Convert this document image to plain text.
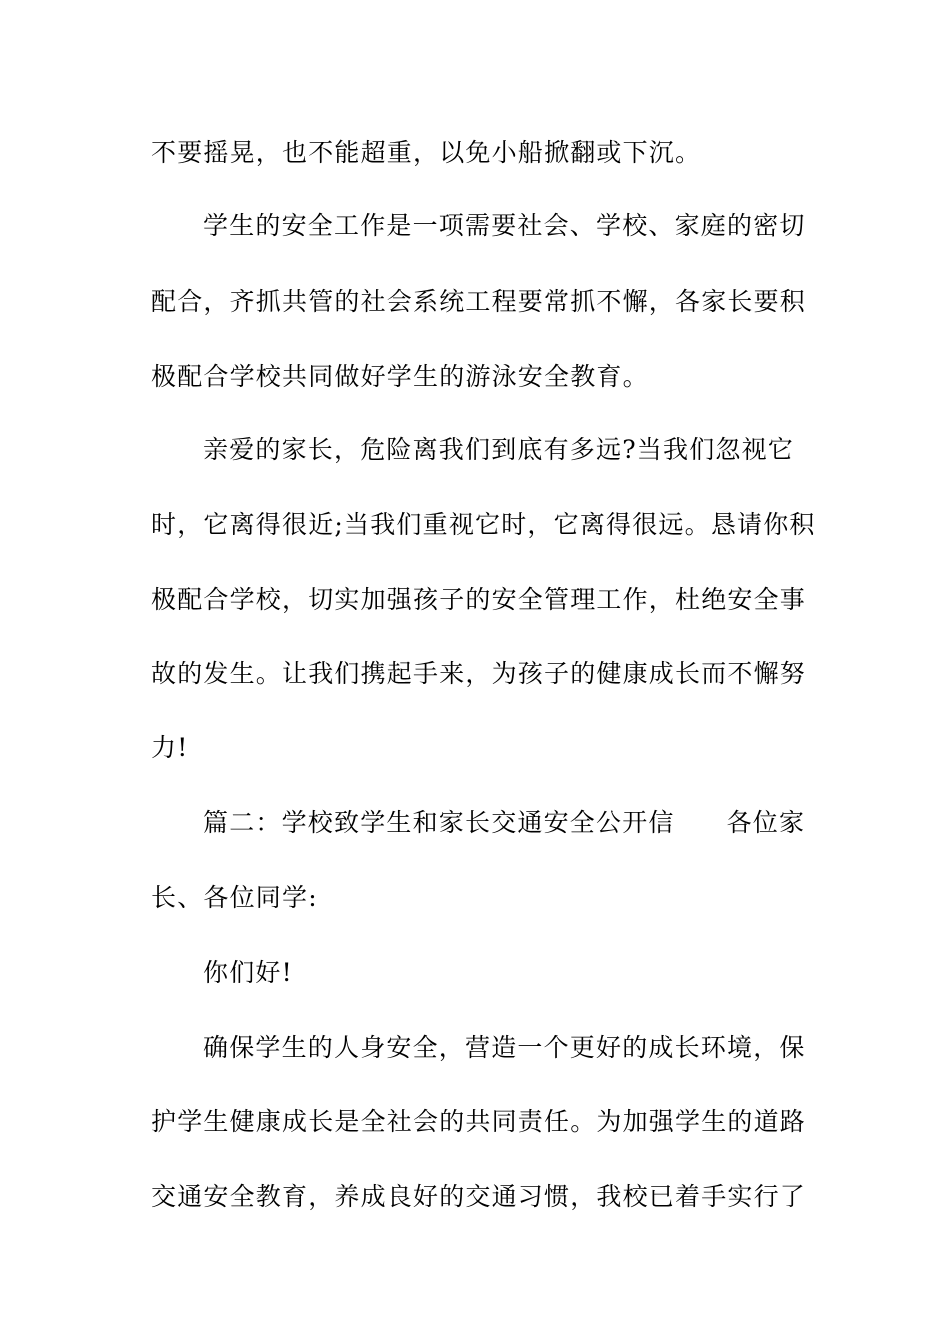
不要摇晃，也不能超重，以免小船掀翻或下沉。
学生的安全工作是一项需要社会、学校、家庭的密切
配合，齐抓共管的社会系统工程要常抓不懈，各家长要积
极配合学校共同做好学生的游泳安全教育。
亲爱的家长，危险离我们到底有多远?当我们忽视它
时，它离得很近;当我们重视它时，它离得很远。恳请你积
极配合学校，切实加强孩子的安全管理工作，杜绝安全事
故的发生。让我们携起手来，为孩子的健康成长而不懈努
力!
篇二：学校致学生和家长交通安全公开信 各位家
长、各位同学:
你们好!
确保学生的人身安全，营造一个更好的成长环境，保
护学生健康成长是全社会的共同责任。为加强学生的道路
交通安全教育，养成良好的交通习惯，我校已着手实行了
